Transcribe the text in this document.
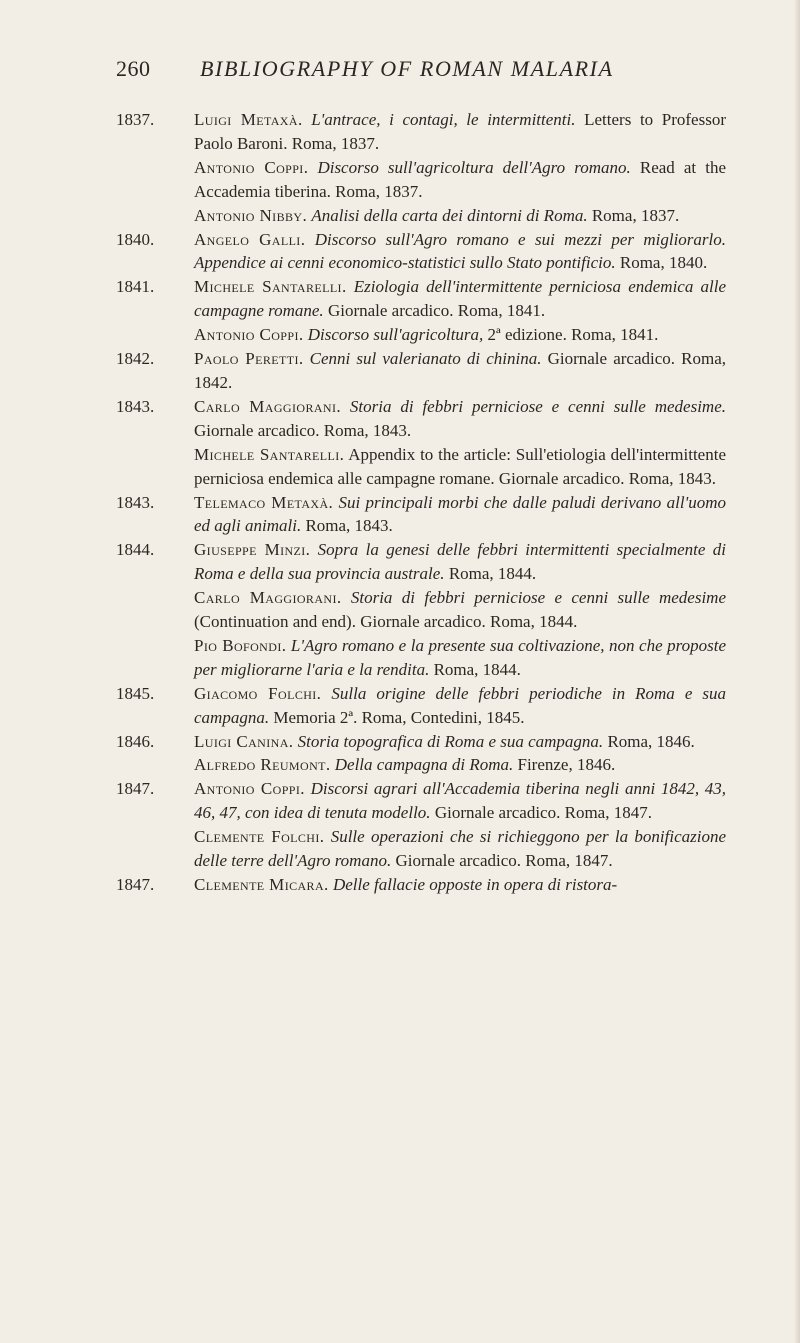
260 BIBLIOGRAPHY OF ROMAN MALARIA
1837.	Luigi Metaxà. L'antrace, i contagi, le intermittenti. Letters to Professor Paolo Baroni. Roma, 1837.
Antonio Coppi. Discorso sull'agricoltura dell'Agro romano. Read at the Accademia tiberina. Roma, 1837.
Antonio Nibby. Analisi della carta dei dintorni di Roma. Roma, 1837.
1840.	Angelo Galli. Discorso sull'Agro romano e sui mezzi per migliorarlo. Appendice ai cenni economico-statistici sullo Stato pontificio. Roma, 1840.
1841.	Michele Santarelli. Eziologia dell'intermittente perniciosa endemica alle campagne romane. Giornale arcadico. Roma, 1841.
Antonio Coppi. Discorso sull'agricoltura, 2ª edizione. Roma, 1841.
1842.	Paolo Peretti. Cenni sul valerianato di chinina. Giornale arcadico. Roma, 1842.
1843.	Carlo Maggiorani. Storia di febbri perniciose e cenni sulle medesime. Giornale arcadico. Roma, 1843.
Michele Santarelli. Appendix to the article: Sull'etiologia dell'intermittente perniciosa endemica alle campagne romane. Giornale arcadico. Roma, 1843.
1843.	Telemaco Metaxà. Sui principali morbi che dalle paludi derivano all'uomo ed agli animali. Roma, 1843.
1844.	Giuseppe Minzi. Sopra la genesi delle febbri intermittenti specialmente di Roma e della sua provincia australe. Roma, 1844.
Carlo Maggiorani. Storia di febbri perniciose e cenni sulle medesime (Continuation and end). Giornale arcadico. Roma, 1844.
Pio Bofondi. L'Agro romano e la presente sua coltivazione, non che proposte per migliorarne l'aria e la rendita. Roma, 1844.
1845.	Giacomo Folchi. Sulla origine delle febbri periodiche in Roma e sua campagna. Memoria 2ª. Roma, Contedini, 1845.
1846.	Luigi Canina. Storia topografica di Roma e sua campagna. Roma, 1846.
Alfredo Reumont. Della campagna di Roma. Firenze, 1846.
1847.	Antonio Coppi. Discorsi agrari all'Accademia tiberina negli anni 1842, 43, 46, 47, con idea di tenuta modello. Giornale arcadico. Roma, 1847.
Clemente Folchi. Sulle operazioni che si richieggono per la bonificazione delle terre dell'Agro romano. Giornale arcadico. Roma, 1847.
1847.	Clemente Micara. Delle fallacie opposte in opera di ristora-
